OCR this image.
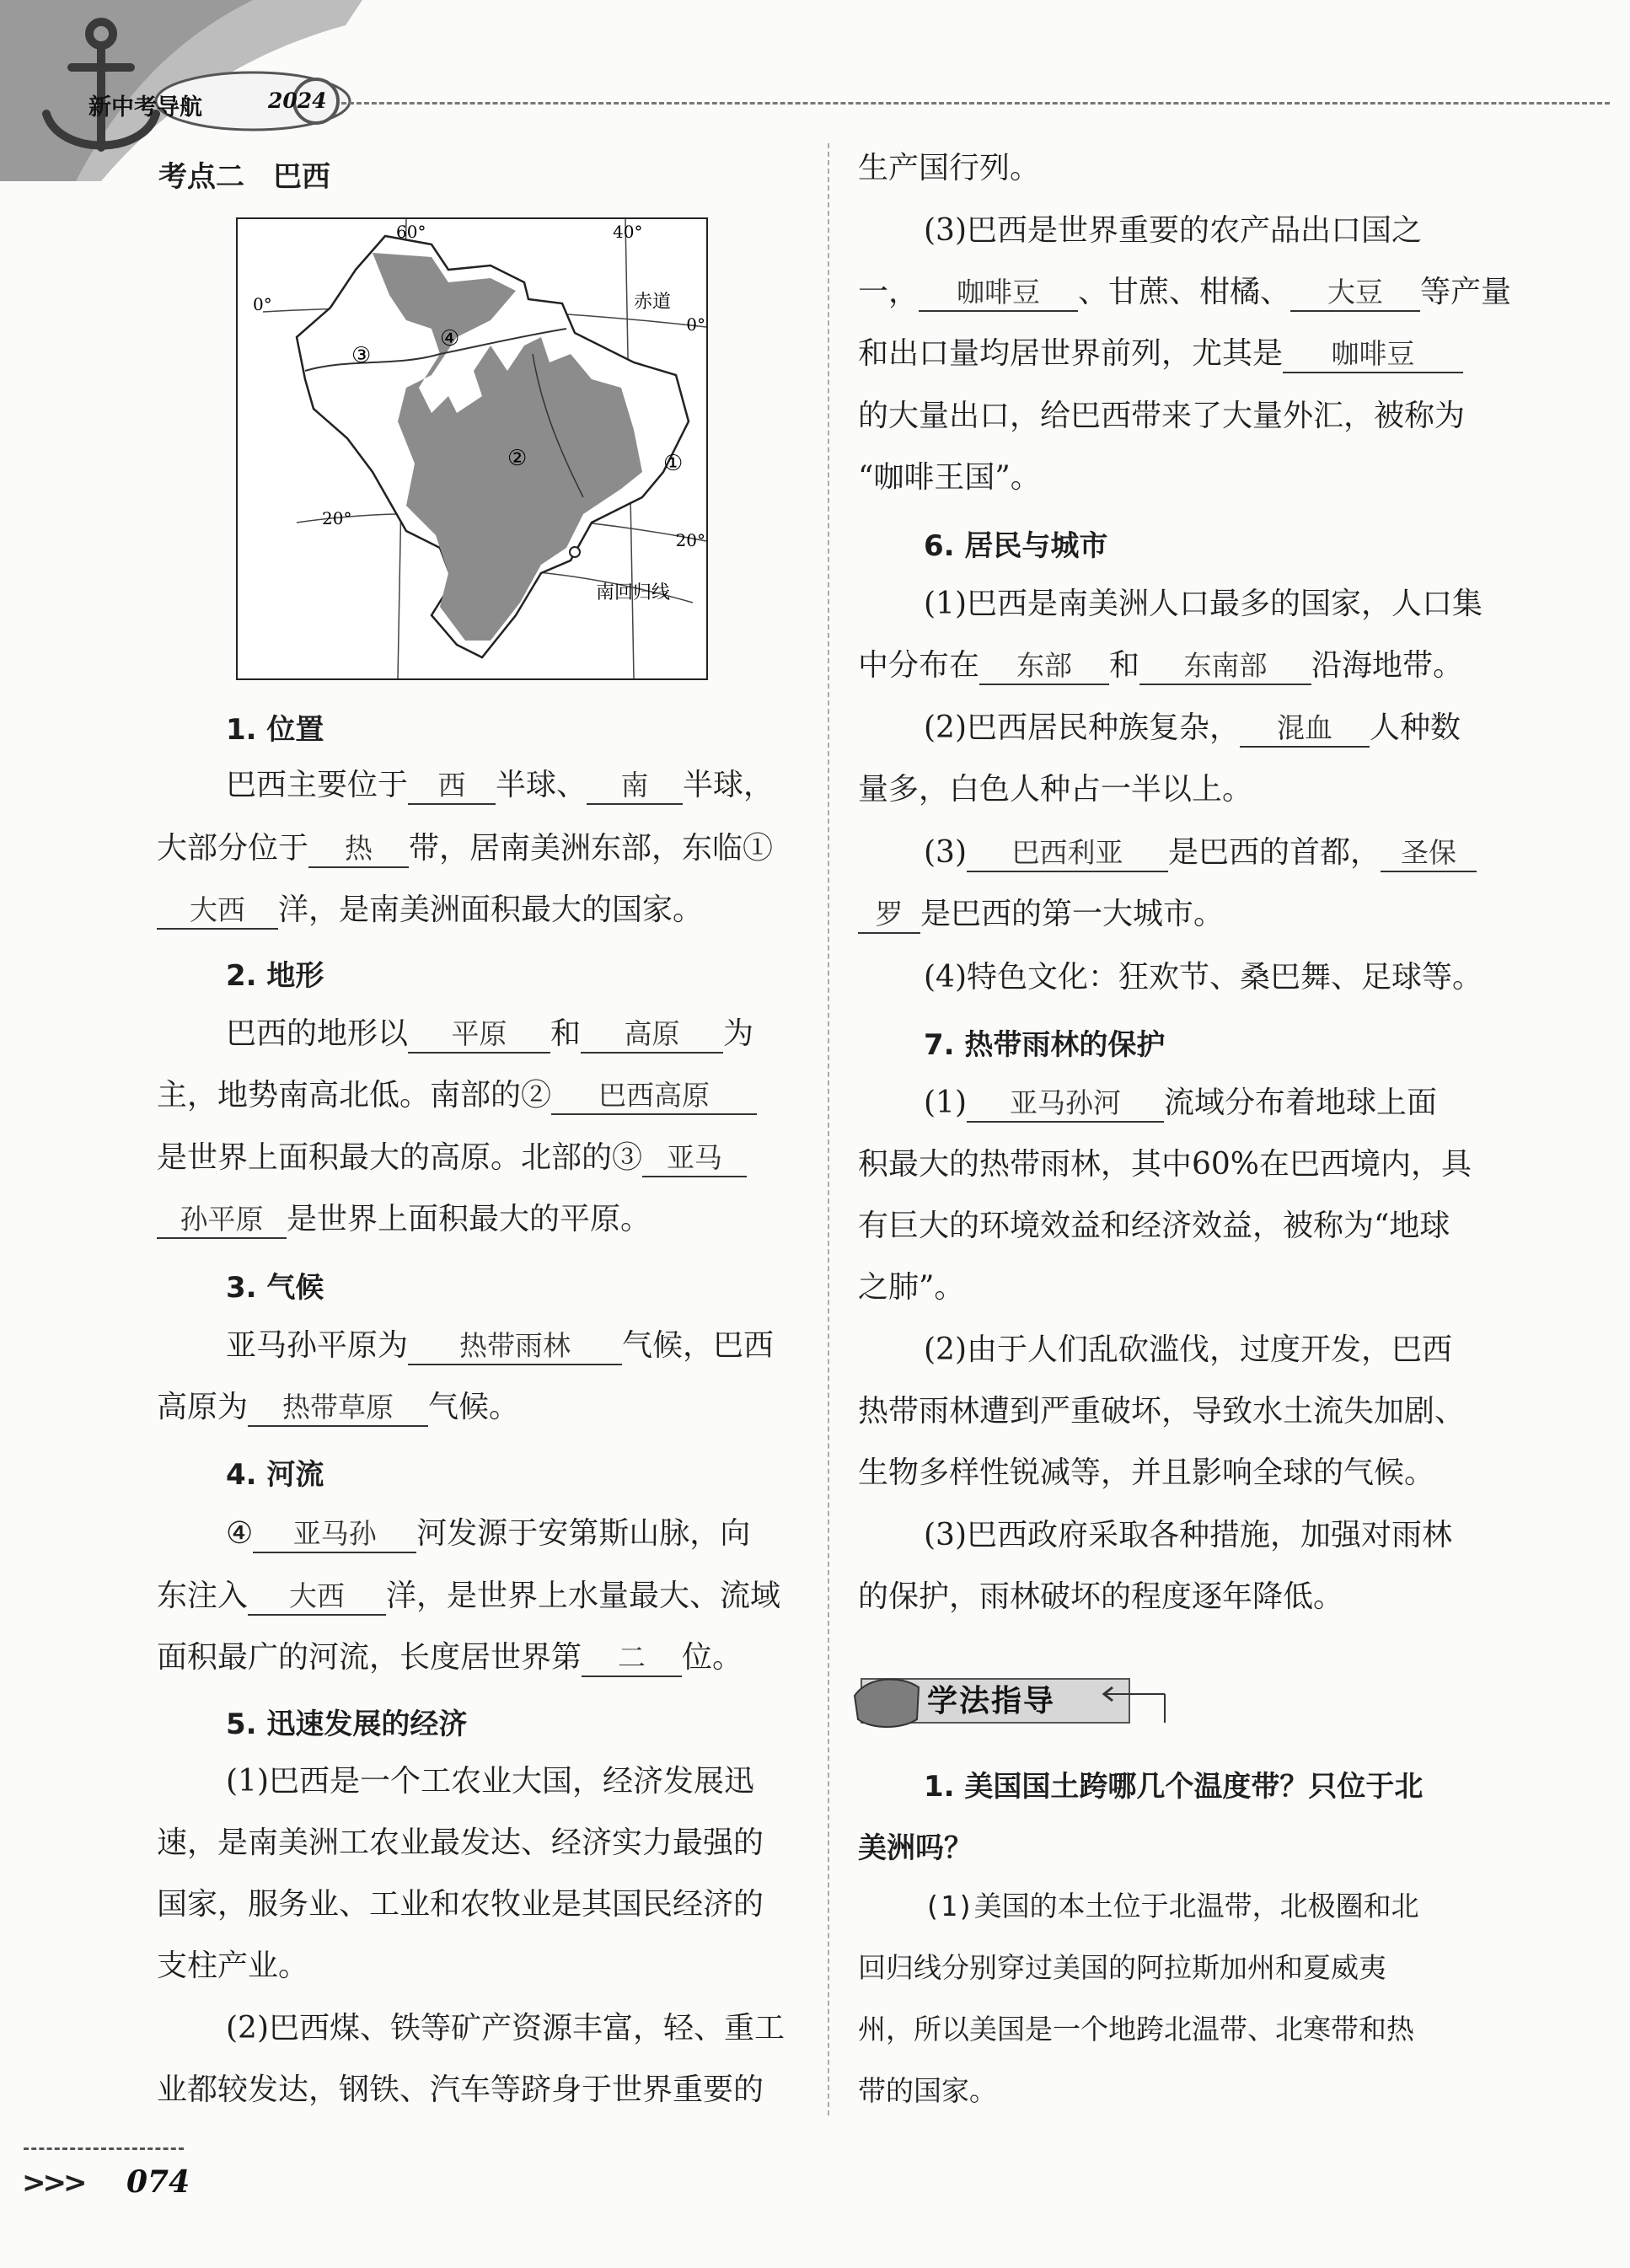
新中考导航	2024
考点二　巴西
60°	40°
0°
0°
赤道
20°
20°
南回归线
①
②
③
④
1. 位置
巴西主要位于 西 半球、 南 半球，
大部分位于 热 带，居南美洲东部，东临①
大西 洋，是南美洲面积最大的国家。
2. 地形
巴西的地形以 平原 和 高原 为
主，地势南高北低。南部的② 巴西高原
是世界上面积最大的高原。北部的③ 亚马
孙平原 是世界上面积最大的平原。
3. 气候
亚马孙平原为 热带雨林 气候，巴西
高原为 热带草原 气候。
4. 河流
④ 亚马孙 河发源于安第斯山脉，向
东注入 大西 洋，是世界上水量最大、流域
面积最广的河流，长度居世界第 二 位。
5. 迅速发展的经济
(1)巴西是一个工农业大国，经济发展迅
速，是南美洲工农业最发达、经济实力最强的
国家，服务业、工业和农牧业是其国民经济的
支柱产业。
(2)巴西煤、铁等矿产资源丰富，轻、重工
业都较发达，钢铁、汽车等跻身于世界重要的
生产国行列。
(3)巴西是世界重要的农产品出口国之
一， 咖啡豆 、甘蔗、柑橘、 大豆 等产量
和出口量均居世界前列，尤其是 咖啡豆
的大量出口，给巴西带来了大量外汇，被称为
“咖啡王国”。
6. 居民与城市
(1)巴西是南美洲人口最多的国家，人口集
中分布在 东部 和 东南部 沿海地带。
(2)巴西居民种族复杂， 混血 人种数
量多，白色人种占一半以上。
(3) 巴西利亚 是巴西的首都， 圣保
罗 是巴西的第一大城市。
(4)特色文化：狂欢节、桑巴舞、足球等。
7. 热带雨林的保护
(1) 亚马孙河 流域分布着地球上面
积最大的热带雨林，其中60%在巴西境内，具
有巨大的环境效益和经济效益，被称为“地球
之肺”。
(2)由于人们乱砍滥伐，过度开发，巴西
热带雨林遭到严重破坏，导致水土流失加剧、
生物多样性锐减等，并且影响全球的气候。
(3)巴西政府采取各种措施，加强对雨林
的保护，雨林破坏的程度逐年降低。
学法指导
1. 美国国土跨哪几个温度带？只位于北
美洲吗？
(1)美国的本土位于北温带，北极圈和北
回归线分别穿过美国的阿拉斯加州和夏威夷
州，所以美国是一个地跨北温带、北寒带和热
带的国家。
>>> 074
